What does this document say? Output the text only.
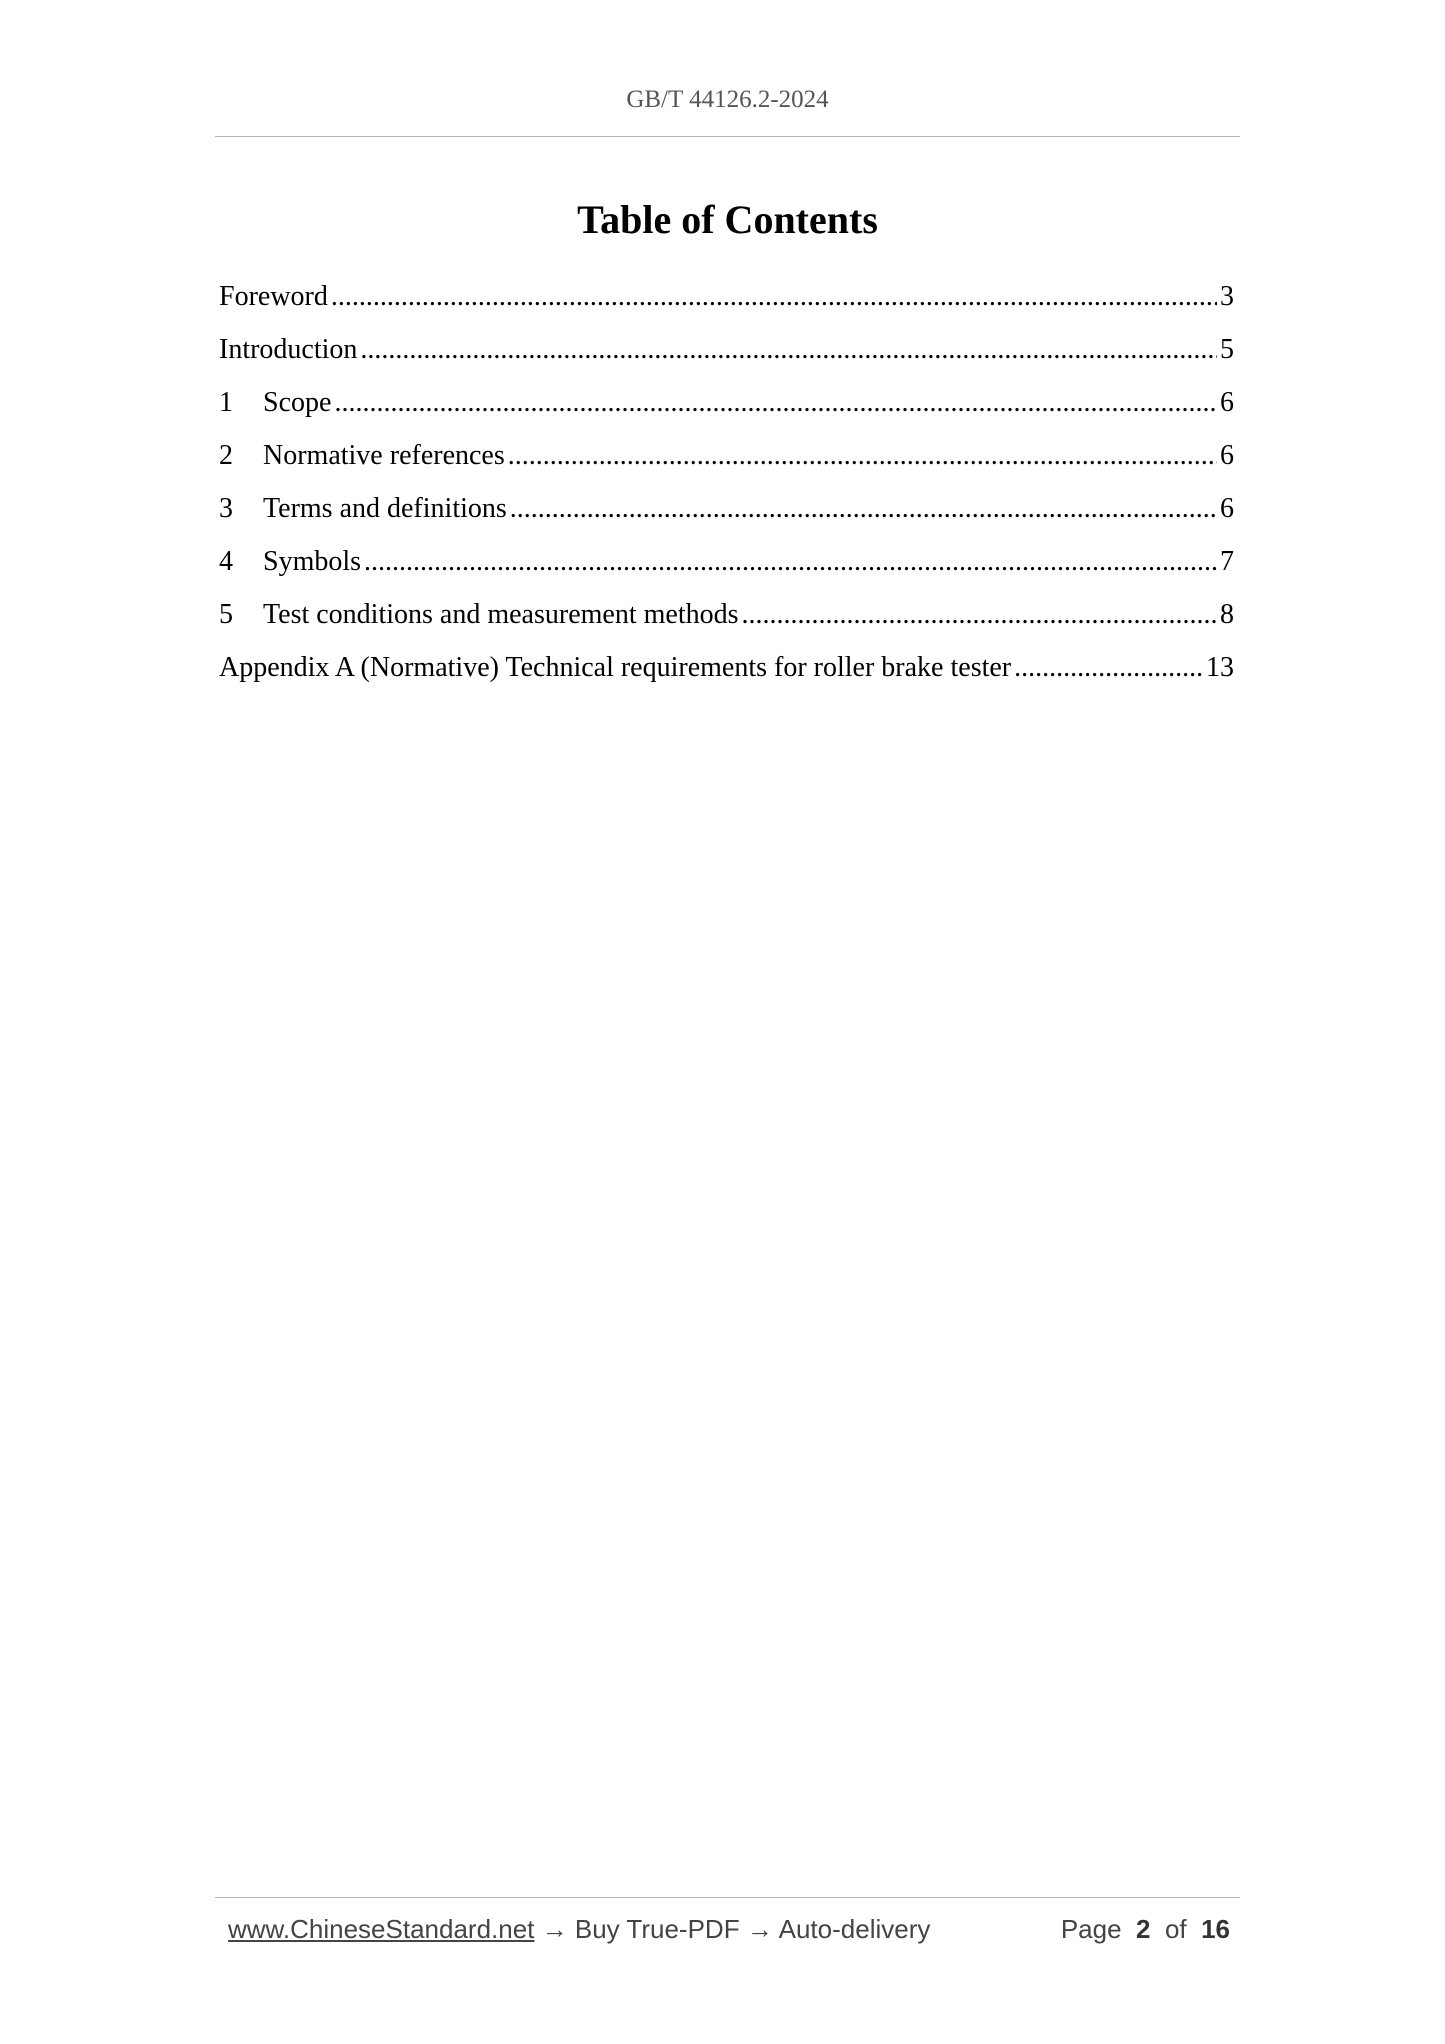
GB/T 44126.2-2024
Table of Contents
Foreword .....	3
Introduction .....	5
1	Scope .....	6
2	Normative references .....	6
3	Terms and definitions .....	6
4	Symbols .....	7
5	Test conditions and measurement methods .....	8
Appendix A (Normative) Technical requirements for roller brake tester .....	13
www.ChineseStandard.net → Buy True-PDF → Auto-delivery	Page 2 of 16
